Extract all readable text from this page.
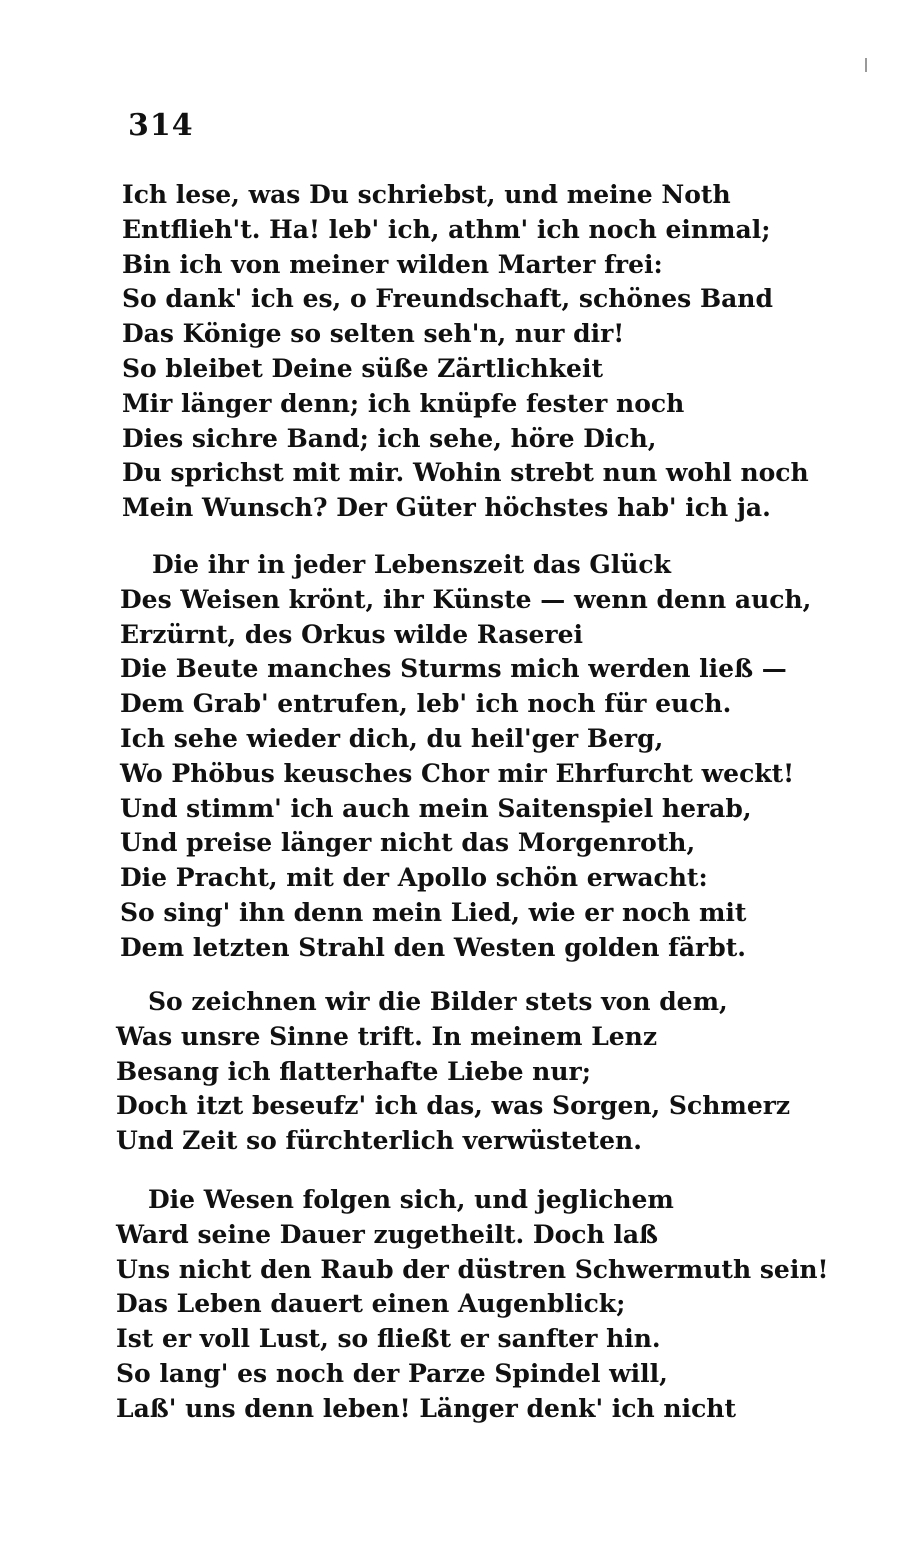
314
Ich lese, was Du schriebst, und meine Noth
Entflieh't. Ha! leb' ich, athm' ich noch einmal;
Bin ich von meiner wilden Marter frei:
So dank' ich es, o Freundschaft, schönes Band
Das Könige so selten seh'n, nur dir!
So bleibet Deine süße Zärtlichkeit
Mir länger denn; ich knüpfe fester noch
Dies sichre Band; ich sehe, höre Dich,
Du sprichst mit mir. Wohin strebt nun wohl noch
Mein Wunsch? Der Güter höchstes hab' ich ja.
Die ihr in jeder Lebenszeit das Glück
Des Weisen krönt, ihr Künste — wenn denn auch,
Erzürnt, des Orkus wilde Raserei
Die Beute manches Sturms mich werden ließ —
Dem Grab' entrufen, leb' ich noch für euch.
Ich sehe wieder dich, du heil'ger Berg,
Wo Phöbus keusches Chor mir Ehrfurcht weckt!
Und stimm' ich auch mein Saitenspiel herab,
Und preise länger nicht das Morgenroth,
Die Pracht, mit der Apollo schön erwacht:
So sing' ihn denn mein Lied, wie er noch mit
Dem letzten Strahl den Westen golden färbt.
So zeichnen wir die Bilder stets von dem,
Was unsre Sinne trift. In meinem Lenz
Besang ich flatterhafte Liebe nur;
Doch itzt beseufz' ich das, was Sorgen, Schmerz
Und Zeit so fürchterlich verwüsteten.
Die Wesen folgen sich, und jeglichem
Ward seine Dauer zugetheilt. Doch laß
Uns nicht den Raub der düstren Schwermuth sein!
Das Leben dauert einen Augenblick;
Ist er voll Lust, so fließt er sanfter hin.
So lang' es noch der Parze Spindel will,
Laß' uns denn leben! Länger denk' ich nicht
